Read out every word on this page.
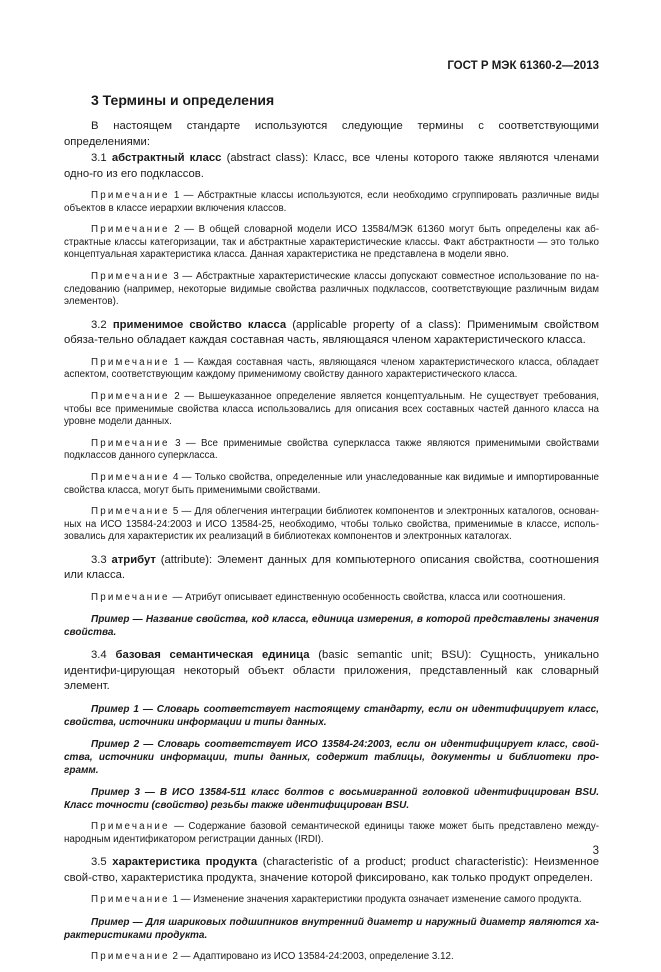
ГОСТ Р МЭК 61360-2—2013
3 Термины и определения

В настоящем стандарте используются следующие термины с соответствующими определениями:

3.1 абстрактный класс (abstract class): Класс, все члены которого также являются членами одно-го из его подклассов.

Примечание 1 — Абстрактные классы используются, если необходимо сгруппировать различные виды объектов в классе иерархии включения классов.

Примечание 2 — В общей словарной модели ИСО 13584/МЭК 61360 могут быть определены как аб-страктные классы категоризации, так и абстрактные характеристические классы. Факт абстрактности — это только концептуальная характеристика класса. Данная характеристика не представлена в модели явно.

Примечание 3 — Абстрактные характеристические классы допускают совместное использование по на-следованию (например, некоторые видимые свойства различных подклассов, соответствующие различным видам элементов).

3.2 применимое свойство класса (applicable property of a class): Применимым свойством обяза-тельно обладает каждая составная часть, являющаяся членом характеристического класса.

Примечание 1 — Каждая составная часть, являющаяся членом характеристического класса, обладает аспектом, соответствующим каждому применимому свойству данного характеристического класса.

Примечание 2 — Вышеуказанное определение является концептуальным. Не существует требования, чтобы все применимые свойства класса использовались для описания всех составных частей данного класса на уровне модели данных.

Примечание 3 — Все применимые свойства суперкласса также являются применимыми свойствами подклассов данного суперкласса.

Примечание 4 — Только свойства, определенные или унаследованные как видимые и импортированные свойства класса, могут быть применимыми свойствами.

Примечание 5 — Для облегчения интеграции библиотек компонентов и электронных каталогов, основан-ных на ИСО 13584-24:2003 и ИСО 13584-25, необходимо, чтобы только свойства, применимые в классе, исполь-зовались для характеристик их реализаций в библиотеках компонентов и электронных каталогах.

3.3 атрибут (attribute): Элемент данных для компьютерного описания свойства, соотношения или класса.

Примечание — Атрибут описывает единственную особенность свойства, класса или соотношения.

Пример — Название свойства, код класса, единица измерения, в которой представлены значения свойства.

3.4 базовая семантическая единица (basic semantic unit; BSU): Сущность, уникально идентифи-цирующая некоторый объект области приложения, представленный как словарный элемент.

Пример 1 — Словарь соответствует настоящему стандарту, если он идентифицирует класс, свойства, источники информации и типы данных.

Пример 2 — Словарь соответствует ИСО 13584-24:2003, если он идентифицирует класс, свой-ства, источники информации, типы данных, содержит таблицы, документы и библиотеки про-грамм.

Пример 3 — В ИСО 13584-511 класс болтов с восьмигранной головкой идентифицирован BSU. Класс точности (свойство) резьбы также идентифицирован BSU.

Примечание — Содержание базовой семантической единицы также может быть представлено между-народным идентификатором регистрации данных (IRDI).

3.5 характеристика продукта (characteristic of a product; product characteristic): Неизменное свой-ство, характеристика продукта, значение которой фиксировано, как только продукт определен.

Примечание 1 — Изменение значения характеристики продукта означает изменение самого продукта.

Пример — Для шариковых подшипников внутренний диаметр и наружный диаметр являются ха-рактеристиками продукта.

Примечание 2 — Адаптировано из ИСО 13584-24:2003, определение 3.12.

3
